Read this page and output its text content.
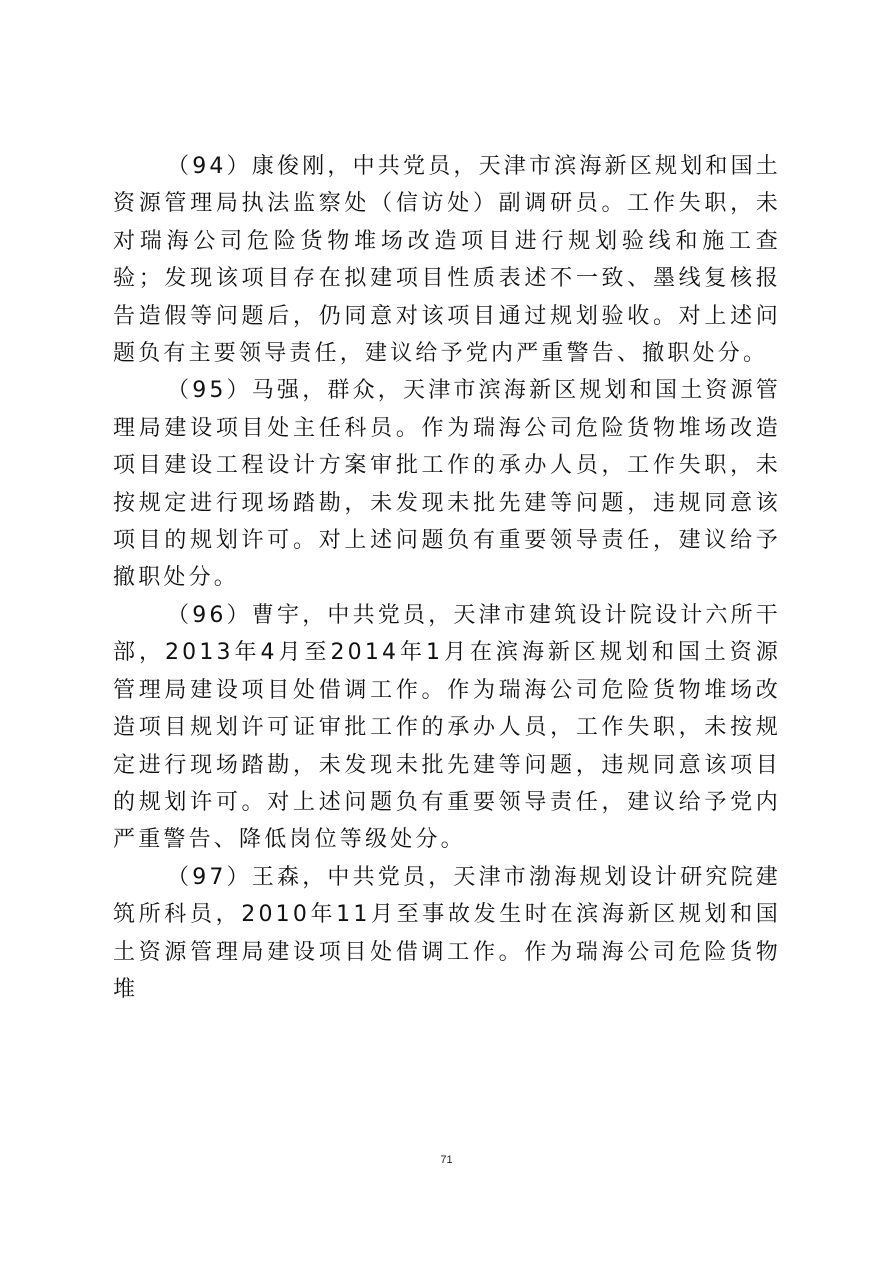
（94）康俊刚，中共党员，天津市滨海新区规划和国土资源管理局执法监察处（信访处）副调研员。工作失职，未对瑞海公司危险货物堆场改造项目进行规划验线和施工查验；发现该项目存在拟建项目性质表述不一致、墨线复核报告造假等问题后，仍同意对该项目通过规划验收。对上述问题负有主要领导责任，建议给予党内严重警告、撤职处分。

（95）马强，群众，天津市滨海新区规划和国土资源管理局建设项目处主任科员。作为瑞海公司危险货物堆场改造项目建设工程设计方案审批工作的承办人员，工作失职，未按规定进行现场踏勘，未发现未批先建等问题，违规同意该项目的规划许可。对上述问题负有重要领导责任，建议给予撤职处分。

（96）曹宇，中共党员，天津市建筑设计院设计六所干部，2013年4月至2014年1月在滨海新区规划和国土资源管理局建设项目处借调工作。作为瑞海公司危险货物堆场改造项目规划许可证审批工作的承办人员，工作失职，未按规定进行现场踏勘，未发现未批先建等问题，违规同意该项目的规划许可。对上述问题负有重要领导责任，建议给予党内严重警告、降低岗位等级处分。

（97）王森，中共党员，天津市渤海规划设计研究院建筑所科员，2010年11月至事故发生时在滨海新区规划和国土资源管理局建设项目处借调工作。作为瑞海公司危险货物堆

71
